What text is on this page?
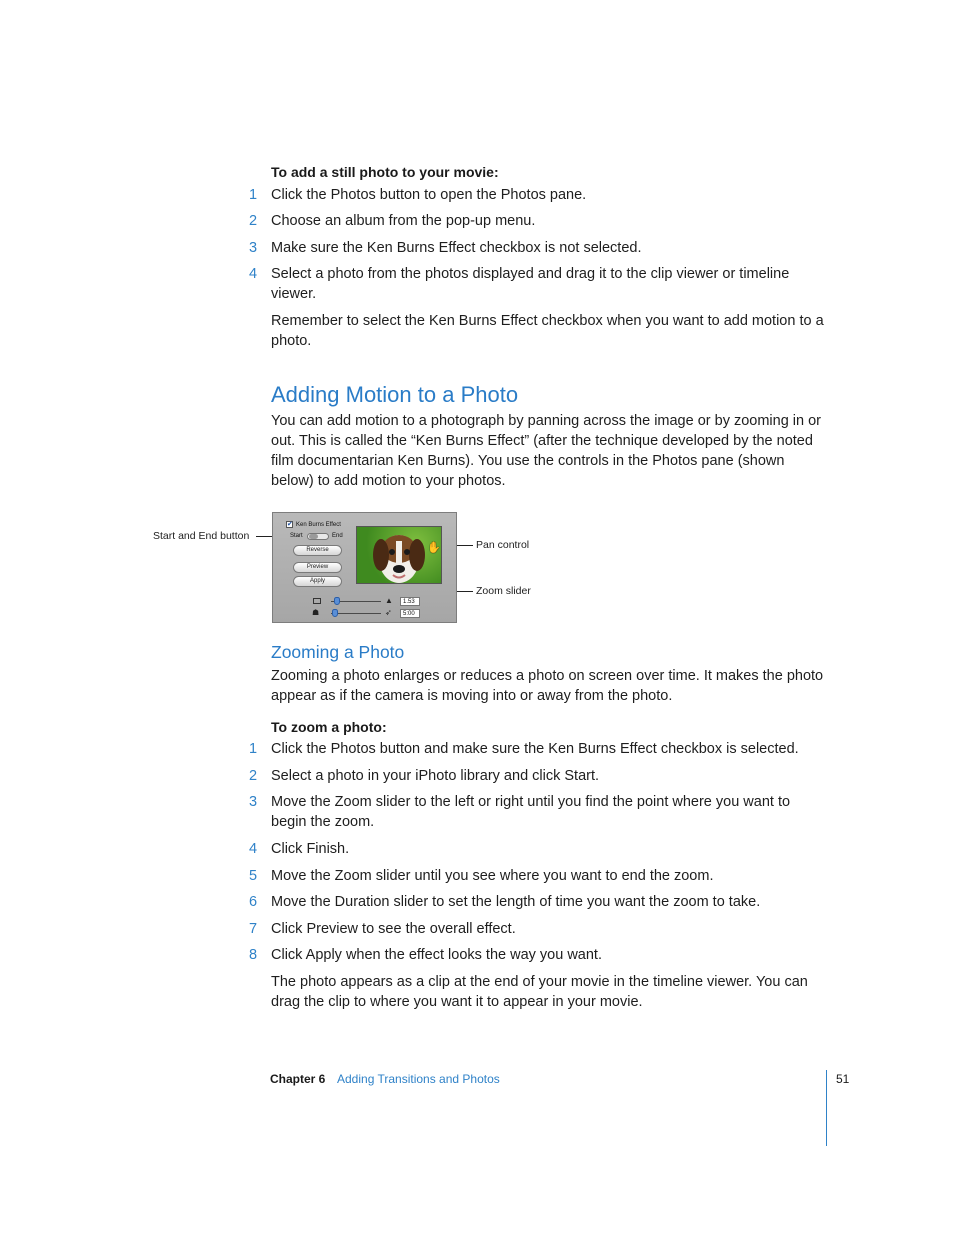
To add a still photo to your movie:
1 Click the Photos button to open the Photos pane.
2 Choose an album from the pop-up menu.
3 Make sure the Ken Burns Effect checkbox is not selected.
4 Select a photo from the photos displayed and drag it to the clip viewer or timeline viewer.
Remember to select the Ken Burns Effect checkbox when you want to add motion to a photo.
Adding Motion to a Photo
You can add motion to a photograph by panning across the image or by zooming in or out. This is called the “Ken Burns Effect” (after the technique developed by the noted film documentarian Ken Burns). You use the controls in the Photos pane (shown below) to add motion to your photos.
Start and End button
Pan control
Zoom slider
✔ Ken Burns Effect
Start	End
Reverse
Preview
Apply
✋
▲	1.53
☗	➶	5:00
Zooming a Photo
Zooming a photo enlarges or reduces a photo on screen over time. It makes the photo appear as if the camera is moving into or away from the photo.
To zoom a photo:
1 Click the Photos button and make sure the Ken Burns Effect checkbox is selected.
2 Select a photo in your iPhoto library and click Start.
3 Move the Zoom slider to the left or right until you find the point where you want to begin the zoom.
4 Click Finish.
5 Move the Zoom slider until you see where you want to end the zoom.
6 Move the Duration slider to set the length of time you want the zoom to take.
7 Click Preview to see the overall effect.
8 Click Apply when the effect looks the way you want.
The photo appears as a clip at the end of your movie in the timeline viewer. You can drag the clip to where you want it to appear in your movie.
Chapter 6 Adding Transitions and Photos	51
